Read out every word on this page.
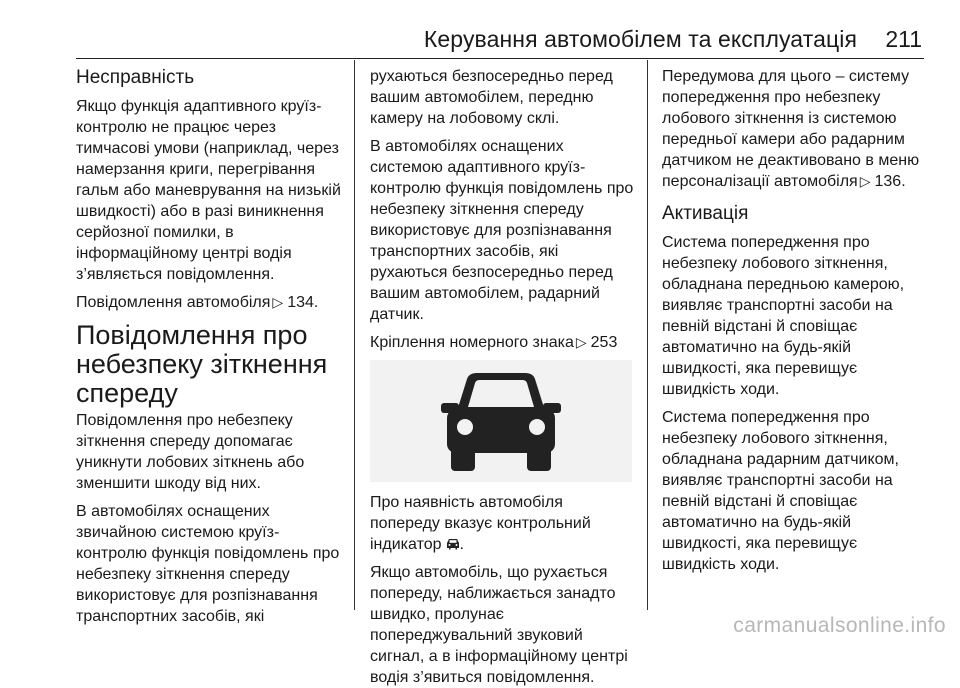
Керування автомобілем та експлуатація 211
Несправність

Якщо функція адаптивного круїз-
контролю не працює через
тимчасові умови (наприклад, через
намерзання криги, перегрівання
гальм або маневрування на низькій
швидкості) або в разі виникнення
серйозної помилки, в
інформаційному центрі водія
з’являється повідомлення.

Повідомлення автомобіля ▷ 134.

Повідомлення про
небезпеку зіткнення
спереду

Повідомлення про небезпеку
зіткнення спереду допомагає
уникнути лобових зіткнень або
зменшити шкоду від них.

В автомобілях оснащених
звичайною системою круїз-
контролю функція повідомлень про
небезпеку зіткнення спереду
використовує для розпізнавання
транспортних засобів, які

рухаються безпосередньо перед
вашим автомобілем, передню
камеру на лобовому склі.

В автомобілях оснащених
системою адаптивного круїз-
контролю функція повідомлень про
небезпеку зіткнення спереду
використовує для розпізнавання
транспортних засобів, які
рухаються безпосередньо перед
вашим автомобілем, радарний
датчик.

Кріплення номерного знака ▷ 253

Про наявність автомобіля
попереду вказує контрольний
індикатор .

Якщо автомобіль, що рухається
попереду, наближається занадто
швидко, пролунає
попереджувальний звуковий
сигнал, а в інформаційному центрі
водія з’явиться повідомлення.

Передумова для цього – систему
попередження про небезпеку
лобового зіткнення із системою
передньої камери або радарним
датчиком не деактивовано в меню
персоналізації автомобіля ▷ 136.

Активація

Система попередження про
небезпеку лобового зіткнення,
обладнана передньою камерою,
виявляє транспортні засоби на
певній відстані й сповіщає
автоматично на будь-якій
швидкості, яка перевищує
швидкість ходи.

Система попередження про
небезпеку лобового зіткнення,
обладнана радарним датчиком,
виявляє транспортні засоби на
певній відстані й сповіщає
автоматично на будь-якій
швидкості, яка перевищує
швидкість ходи.

carmanualsonline.info
